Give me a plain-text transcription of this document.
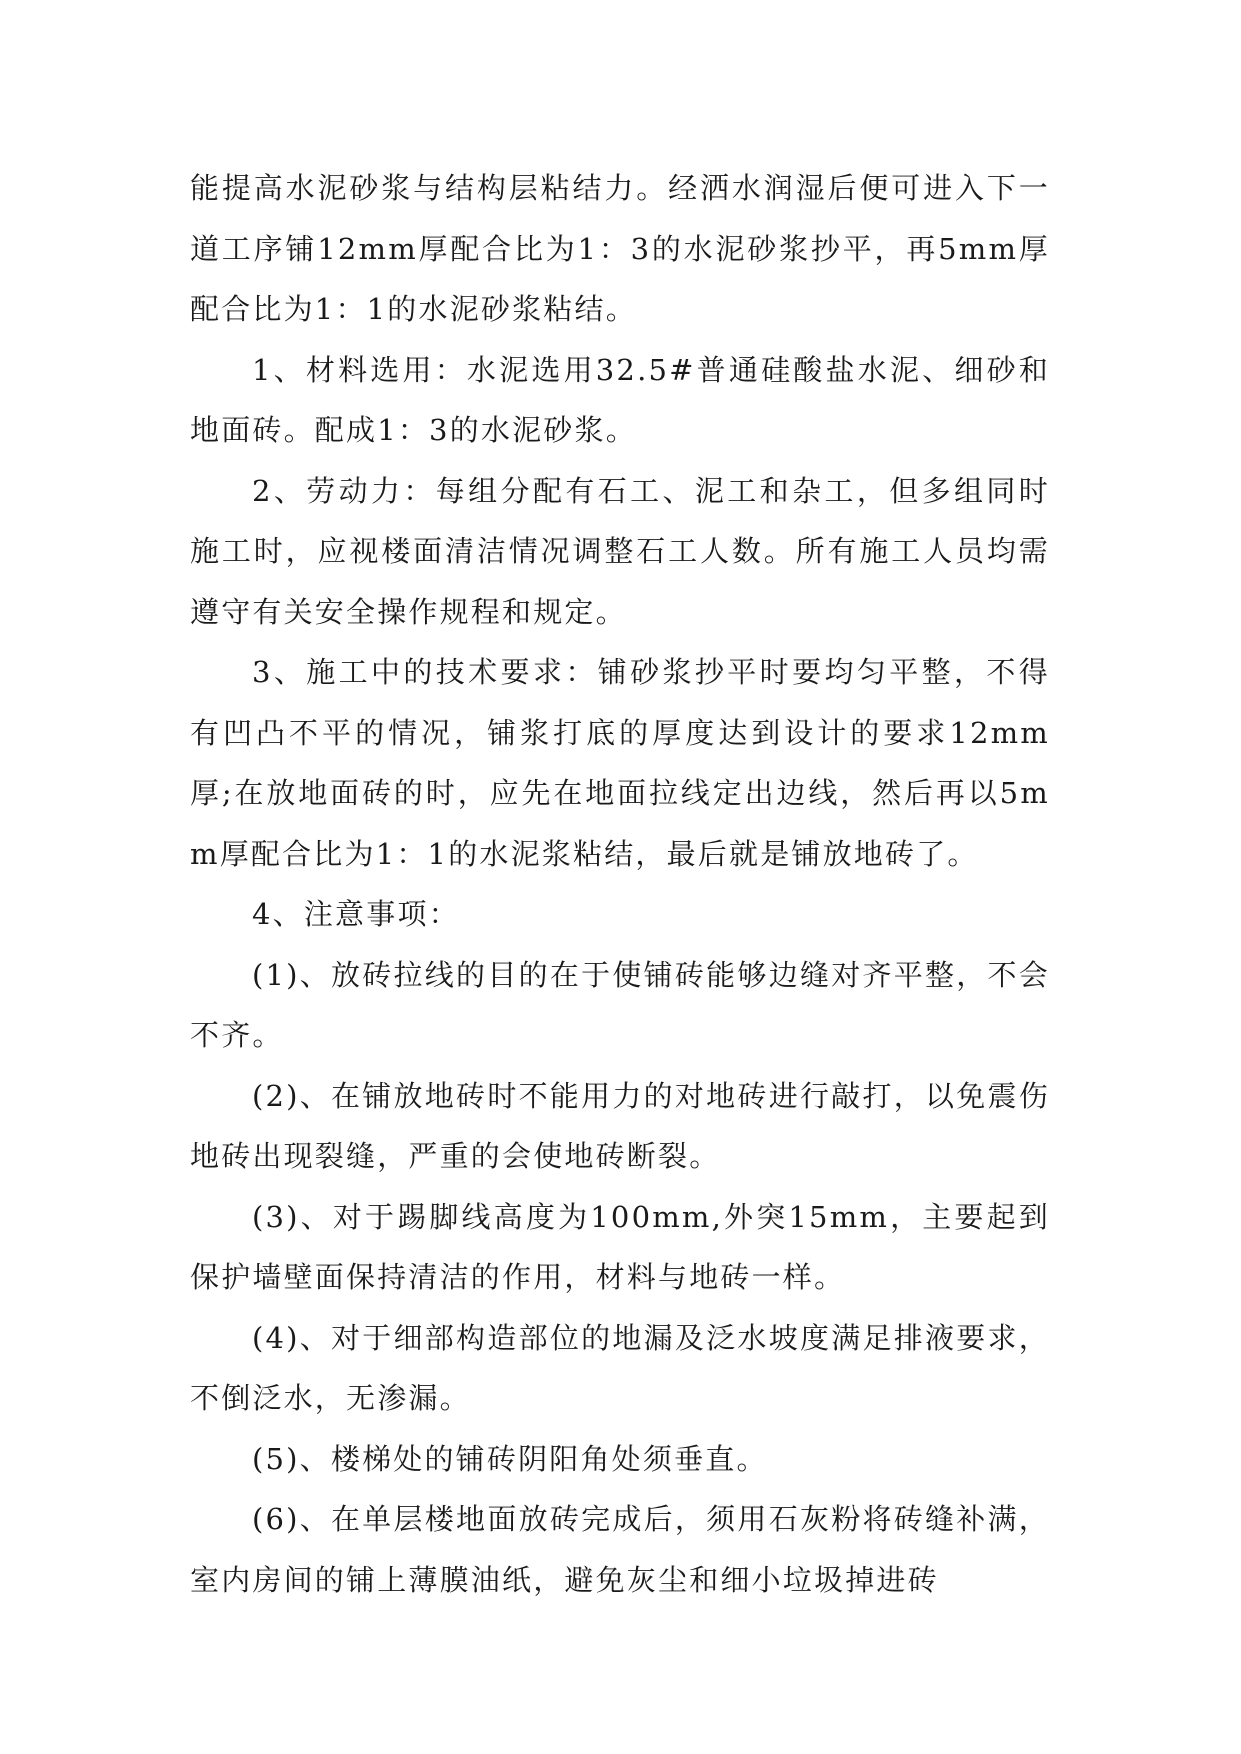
能提高水泥砂浆与结构层粘结力。经洒水润湿后便可进入下一道工序铺12mm厚配合比为1：3的水泥砂浆抄平，再5mm厚配合比为1：1的水泥砂浆粘结。

1、材料选用：水泥选用32.5#普通硅酸盐水泥、细砂和地面砖。配成1：3的水泥砂浆。

2、劳动力：每组分配有石工、泥工和杂工，但多组同时施工时，应视楼面清洁情况调整石工人数。所有施工人员均需遵守有关安全操作规程和规定。

3、施工中的技术要求：铺砂浆抄平时要均匀平整，不得有凹凸不平的情况，铺浆打底的厚度达到设计的要求12mm厚;在放地面砖的时，应先在地面拉线定出边线，然后再以5mm厚配合比为1：1的水泥浆粘结，最后就是铺放地砖了。

4、注意事项：

(1)、放砖拉线的目的在于使铺砖能够边缝对齐平整，不会不齐。

(2)、在铺放地砖时不能用力的对地砖进行敲打，以免震伤地砖出现裂缝，严重的会使地砖断裂。

(3)、对于踢脚线高度为100mm,外突15mm，主要起到保护墙壁面保持清洁的作用，材料与地砖一样。

(4)、对于细部构造部位的地漏及泛水坡度满足排液要求，不倒泛水，无渗漏。

(5)、楼梯处的铺砖阴阳角处须垂直。

(6)、在单层楼地面放砖完成后，须用石灰粉将砖缝补满，室内房间的铺上薄膜油纸，避免灰尘和细小垃圾掉进砖
